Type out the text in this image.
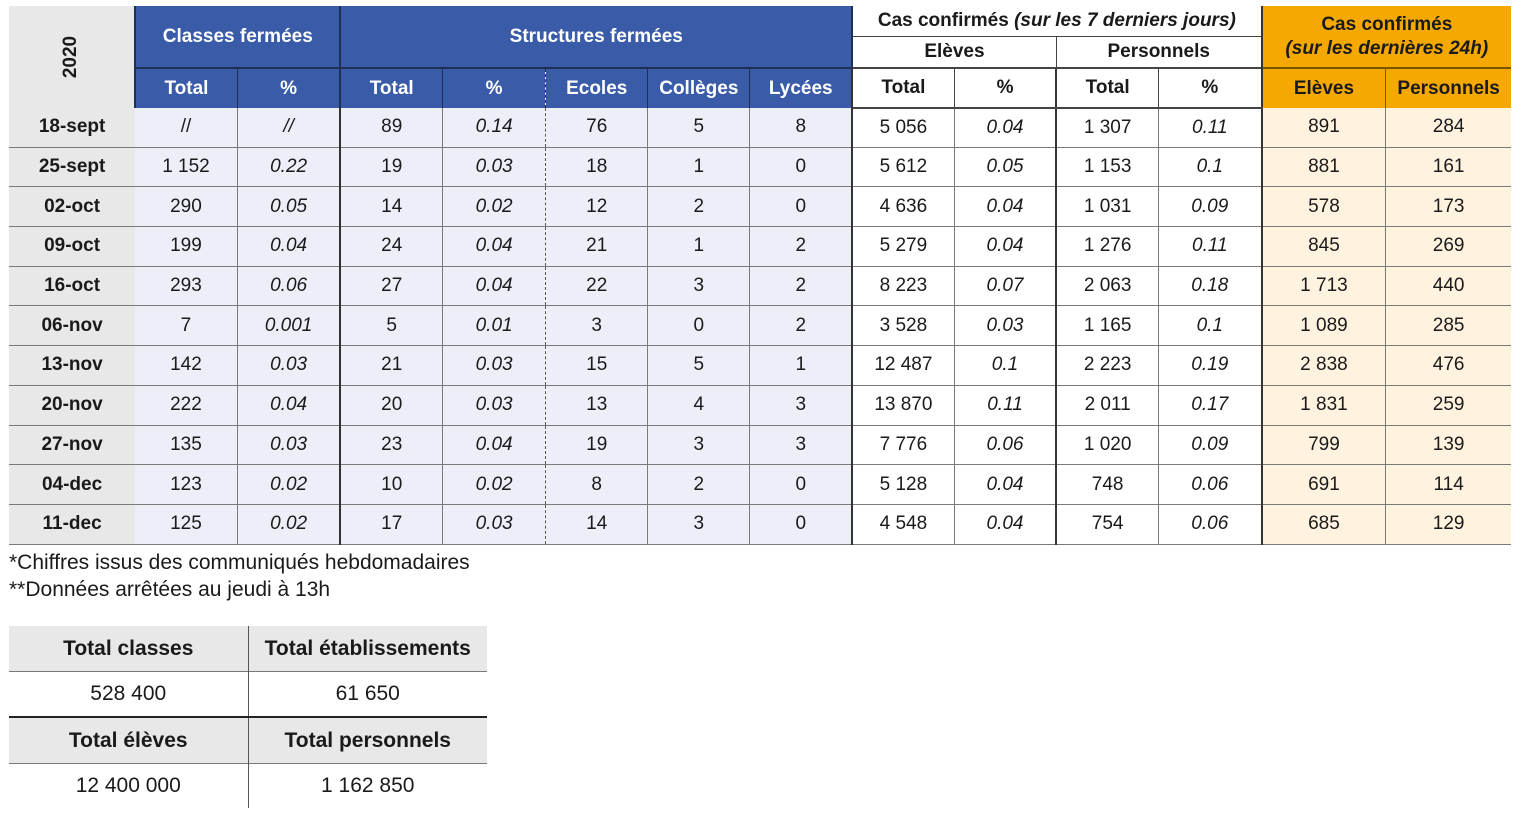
2020	Classes fermées		Structures fermées					Cas confirmés (sur les 7 derniers jours)				Cas confirmés
(sur les dernières 24h)	

								Elèves		Personnels			
	Total	%	Total	%	Ecoles	Collèges	Lycées	Total	%	Total	%	Elèves	Personnels
18-sept	//	//	89	0.14	76	5	8	5 056	0.04	1 307	0.11	891	284
25-sept	1 152	0.22	19	0.03	18	1	0	5 612	0.05	1 153	0.1	881	161
02-oct	290	0.05	14	0.02	12	2	0	4 636	0.04	1 031	0.09	578	173
09-oct	199	0.04	24	0.04	21	1	2	5 279	0.04	1 276	0.11	845	269
16-oct	293	0.06	27	0.04	22	3	2	8 223	0.07	2 063	0.18	1 713	440
06-nov	7	0.001	5	0.01	3	0	2	3 528	0.03	1 165	0.1	1 089	285
13-nov	142	0.03	21	0.03	15	5	1	12 487	0.1	2 223	0.19	2 838	476
20-nov	222	0.04	20	0.03	13	4	3	13 870	0.11	2 011	0.17	1 831	259
27-nov	135	0.03	23	0.04	19	3	3	7 776	0.06	1 020	0.09	799	139
04-dec	123	0.02	10	0.02	8	2	0	5 128	0.04	748	0.06	691	114
11-dec	125	0.02	17	0.03	14	3	0	4 548	0.04	754	0.06	685	129
*Chiffres issus des communiqués hebdomadaires
**Données arrêtées au jeudi à 13h
Total classes	Total établissements
528 400	61 650
Total élèves	Total personnels
12 400 000	1 162 850
